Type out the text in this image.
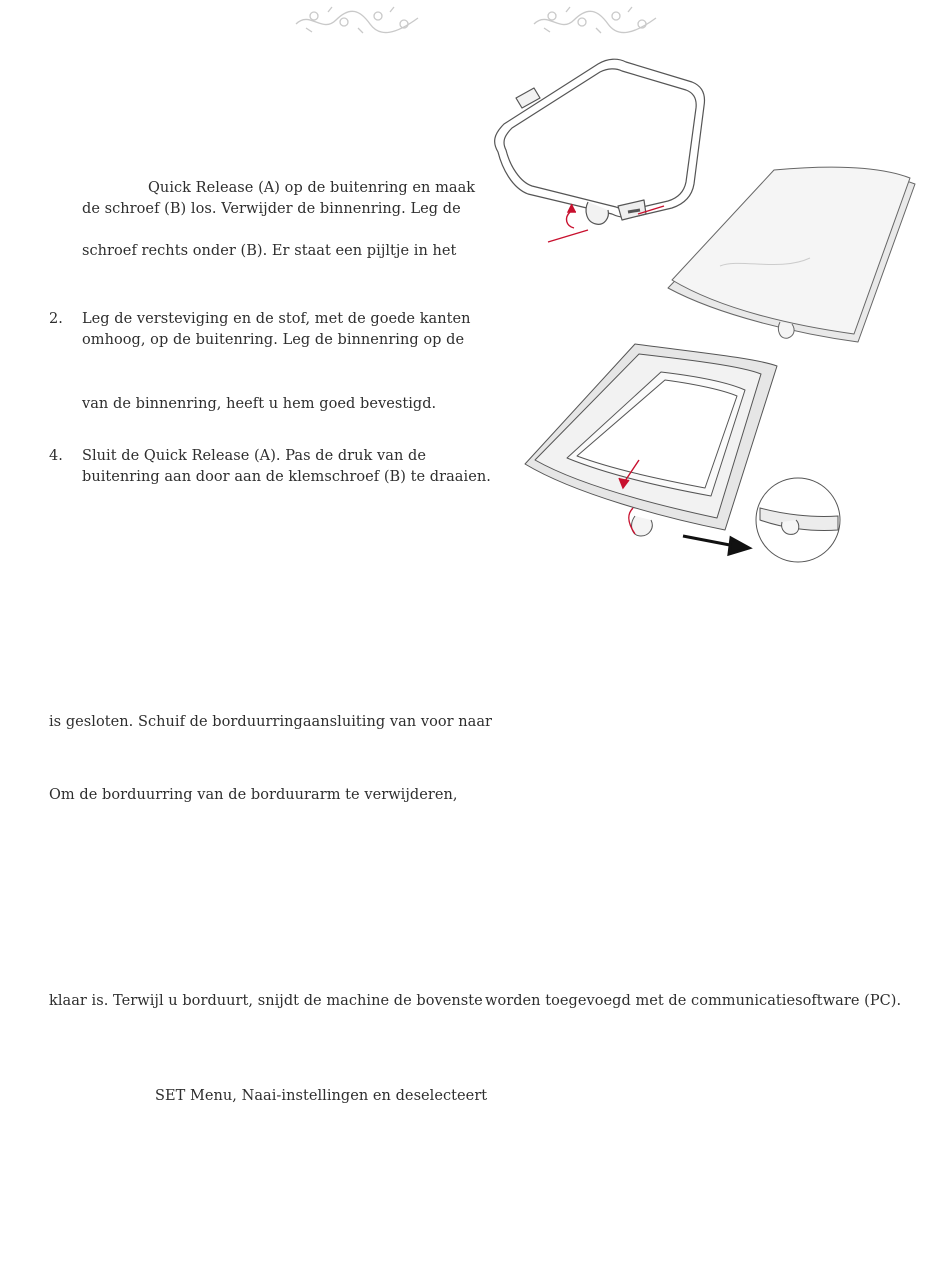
Quick Release (A) op de buitenring en maak
de schroef (B) los. Verwijder de binnenring. Leg de
schroef rechts onder (B). Er staat een pijltje in het
2. Leg de versteviging en de stof, met de goede kanten
omhoog, op de buitenring. Leg de binnenring op de
van de binnenring, heeft u hem goed bevestigd.
4. Sluit de Quick Release (A). Pas de druk van de
buitenring aan door aan de klemschroef (B) te draaien.
is gesloten. Schuif de borduurringaansluiting van voor naar
Om de borduurring van de borduurarm te verwijderen,
klaar is. Terwijl u borduurt, snijdt de machine de bovenste worden toegevoegd met de communicatiesoftware (PC).
SET Menu, Naai-instellingen en deselecteert
